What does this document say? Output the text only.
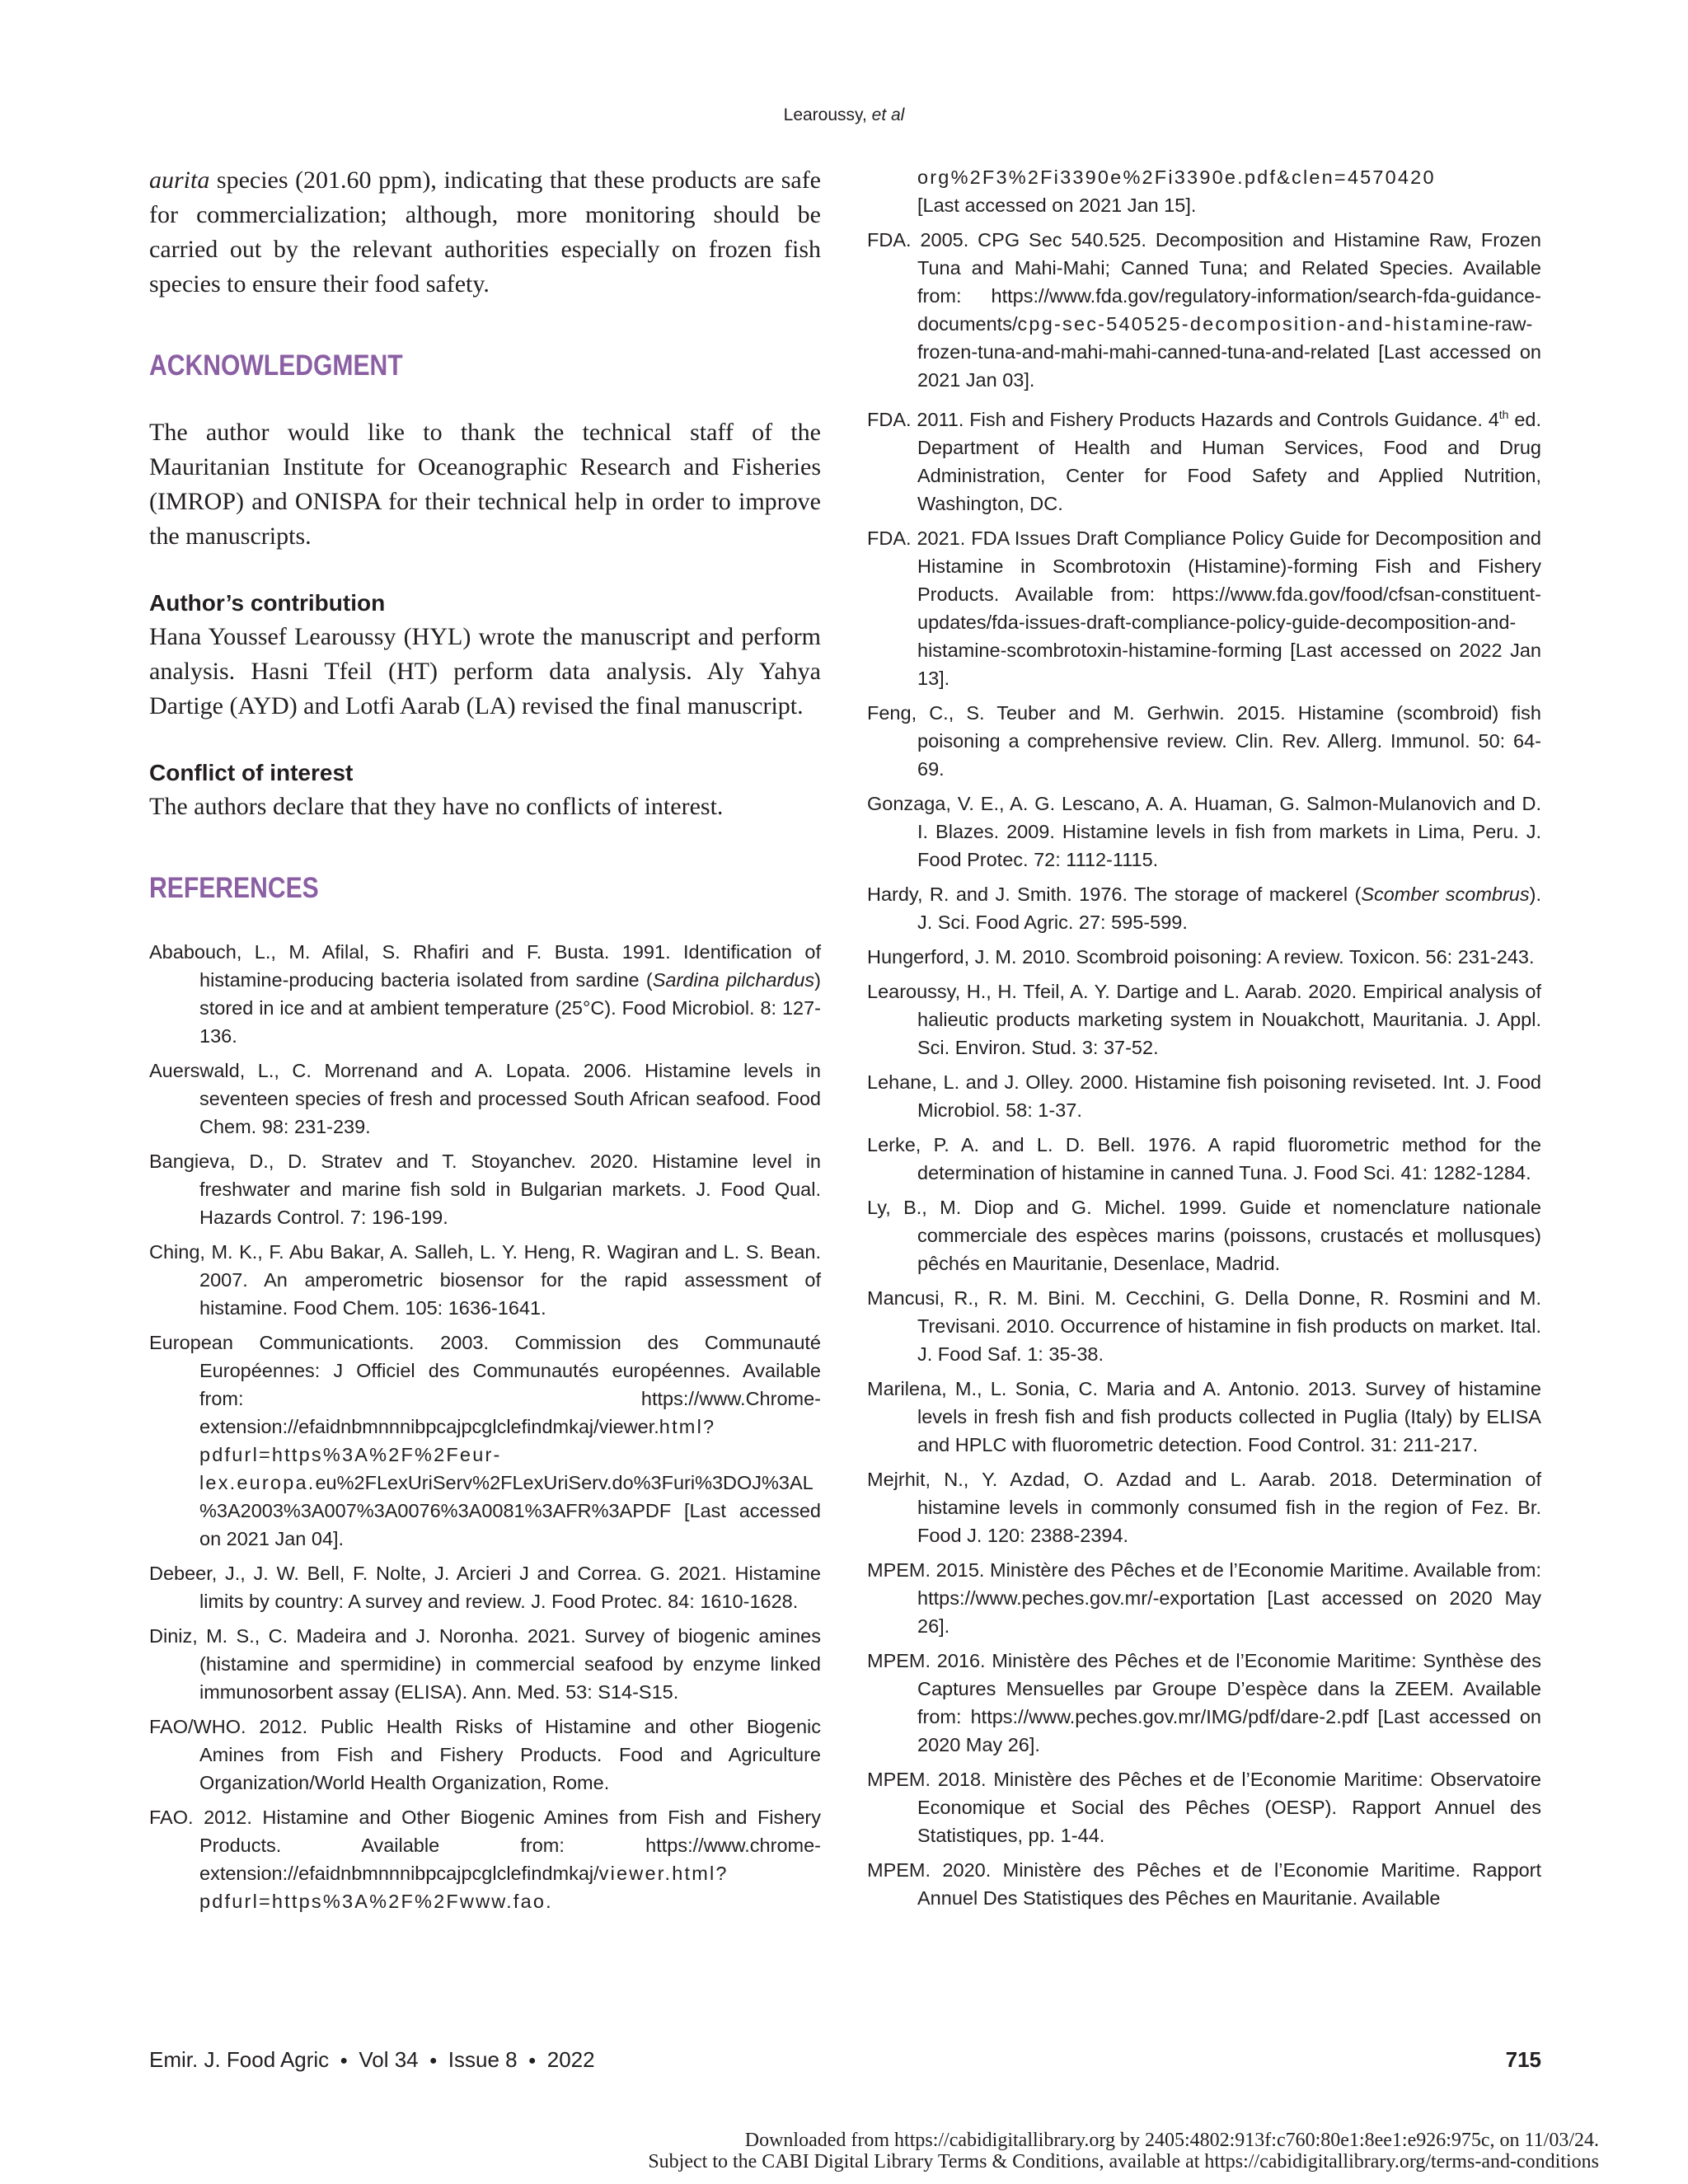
Learoussy, et al

aurita species (201.60 ppm), indicating that these products are safe for commercialization; although, more monitoring should be carried out by the relevant authorities especially on frozen fish species to ensure their food safety.

ACKNOWLEDGMENT

The author would like to thank the technical staff of the Mauritanian Institute for Oceanographic Research and Fisheries (IMROP) and ONISPA for their technical help in order to improve the manuscripts.

Author’s contribution

Hana Youssef Learoussy (HYL) wrote the manuscript and perform analysis. Hasni Tfeil (HT) perform data analysis. Aly Yahya Dartige (AYD) and Lotfi Aarab (LA) revised the final manuscript.

Conflict of interest

The authors declare that they have no conflicts of interest.

REFERENCES

Ababouch, L., M. Afilal, S. Rhafiri and F. Busta. 1991. Identification of histamine-producing bacteria isolated from sardine (Sardina pilchardus) stored in ice and at ambient temperature (25°C). Food Microbiol. 8: 127-136.

Auerswald, L., C. Morrenand and A. Lopata. 2006. Histamine levels in seventeen species of fresh and processed South African seafood. Food Chem. 98: 231-239.

Bangieva, D., D. Stratev and T. Stoyanchev. 2020. Histamine level in freshwater and marine fish sold in Bulgarian markets. J. Food Qual. Hazards Control. 7: 196-199.

Ching, M. K., F. Abu Bakar, A. Salleh, L. Y. Heng, R. Wagiran and L. S. Bean. 2007. An amperometric biosensor for the rapid assessment of histamine. Food Chem. 105: 1636-1641.

European Communicationts. 2003. Commission des Communauté Européennes: J Officiel des Communautés européennes. Available from: https://www.Chrome-extension://efaidnbmnnnibpcajpcglclefindmkaj/viewer.html?pdfurl=https%3A%2F%2Feur-lex.europa.eu%2FLexUriServ%2FLexUriServ.do%3Furi%3DOJ%3AL%3A2003%3A007%3A0076%3A0081%3AFR%3APDF [Last accessed on 2021 Jan 04].

Debeer, J., J. W. Bell, F. Nolte, J. Arcieri J and Correa. G. 2021. Histamine limits by country: A survey and review. J. Food Protec. 84: 1610-1628.

Diniz, M. S., C. Madeira and J. Noronha. 2021. Survey of biogenic amines (histamine and spermidine) in commercial seafood by enzyme linked immunosorbent assay (ELISA). Ann. Med. 53: S14-S15.

FAO/WHO. 2012. Public Health Risks of Histamine and other Biogenic Amines from Fish and Fishery Products. Food and Agriculture Organization/World Health Organization, Rome.

FAO. 2012. Histamine and Other Biogenic Amines from Fish and Fishery Products. Available from: https://www.chrome-extension://efaidnbmnnnibpcajpcglclefindmkaj/viewer.html?pdfurl=https%3A%2F%2Fwww.fao.

org%2F3%2Fi3390e%2Fi3390e.pdf&clen=4570420
[Last accessed on 2021 Jan 15].

FDA. 2005. CPG Sec 540.525. Decomposition and Histamine Raw, Frozen Tuna and Mahi-Mahi; Canned Tuna; and Related Species. Available from: https://www.fda.gov/regulatory-information/search-fda-guidance-documents/cpg-sec-540525-decomposition-and-histamine-raw-frozen-tuna-and-mahi-mahi-canned-tuna-and-related [Last accessed on 2021 Jan 03].

FDA. 2011. Fish and Fishery Products Hazards and Controls Guidance. 4th ed. Department of Health and Human Services, Food and Drug Administration, Center for Food Safety and Applied Nutrition, Washington, DC.

FDA. 2021. FDA Issues Draft Compliance Policy Guide for Decomposition and Histamine in Scombrotoxin (Histamine)-forming Fish and Fishery Products. Available from: https://www.fda.gov/food/cfsan-constituent-updates/fda-issues-draft-compliance-policy-guide-decomposition-and-histamine-scombrotoxin-histamine-forming [Last accessed on 2022 Jan 13].

Feng, C., S. Teuber and M. Gerhwin. 2015. Histamine (scombroid) fish poisoning a comprehensive review. Clin. Rev. Allerg. Immunol. 50: 64-69.

Gonzaga, V. E., A. G. Lescano, A. A. Huaman, G. Salmon-Mulanovich and D. I. Blazes. 2009. Histamine levels in fish from markets in Lima, Peru. J. Food Protec. 72: 1112-1115.

Hardy, R. and J. Smith. 1976. The storage of mackerel (Scomber scombrus). J. Sci. Food Agric. 27: 595-599.

Hungerford, J. M. 2010. Scombroid poisoning: A review. Toxicon. 56: 231-243.

Learoussy, H., H. Tfeil, A. Y. Dartige and L. Aarab. 2020. Empirical analysis of halieutic products marketing system in Nouakchott, Mauritania. J. Appl. Sci. Environ. Stud. 3: 37-52.

Lehane, L. and J. Olley. 2000. Histamine fish poisoning reviseted. Int. J. Food Microbiol. 58: 1-37.

Lerke, P. A. and L. D. Bell. 1976. A rapid fluorometric method for the determination of histamine in canned Tuna. J. Food Sci. 41: 1282-1284.

Ly, B., M. Diop and G. Michel. 1999. Guide et nomenclature nationale commerciale des espèces marins (poissons, crustacés et mollusques) pêchés en Mauritanie, Desenlace, Madrid.

Mancusi, R., R. M. Bini. M. Cecchini, G. Della Donne, R. Rosmini and M. Trevisani. 2010. Occurrence of histamine in fish products on market. Ital. J. Food Saf. 1: 35-38.

Marilena, M., L. Sonia, C. Maria and A. Antonio. 2013. Survey of histamine levels in fresh fish and fish products collected in Puglia (Italy) by ELISA and HPLC with fluorometric detection. Food Control. 31: 211-217.

Mejrhit, N., Y. Azdad, O. Azdad and L. Aarab. 2018. Determination of histamine levels in commonly consumed fish in the region of Fez. Br. Food J. 120: 2388-2394.

MPEM. 2015. Ministère des Pêches et de l’Economie Maritime. Available from: https://www.peches.gov.mr/-exportation [Last accessed on 2020 May 26].

MPEM. 2016. Ministère des Pêches et de l’Economie Maritime: Synthèse des Captures Mensuelles par Groupe D’espèce dans la ZEEM. Available from: https://www.peches.gov.mr/IMG/pdf/dare-2.pdf [Last accessed on 2020 May 26].

MPEM. 2018. Ministère des Pêches et de l’Economie Maritime: Observatoire Economique et Social des Pêches (OESP). Rapport Annuel des Statistiques, pp. 1-44.

MPEM. 2020. Ministère des Pêches et de l’Economie Maritime. Rapport Annuel Des Statistiques des Pêches en Mauritanie. Available

Emir. J. Food Agric ● Vol 34 ● Issue 8 ● 2022	715
Downloaded from https://cabidigitallibrary.org by 2405:4802:913f:c760:80e1:8ee1:e926:975c, on 11/03/24.
Subject to the CABI Digital Library Terms & Conditions, available at https://cabidigitallibrary.org/terms-and-conditions
